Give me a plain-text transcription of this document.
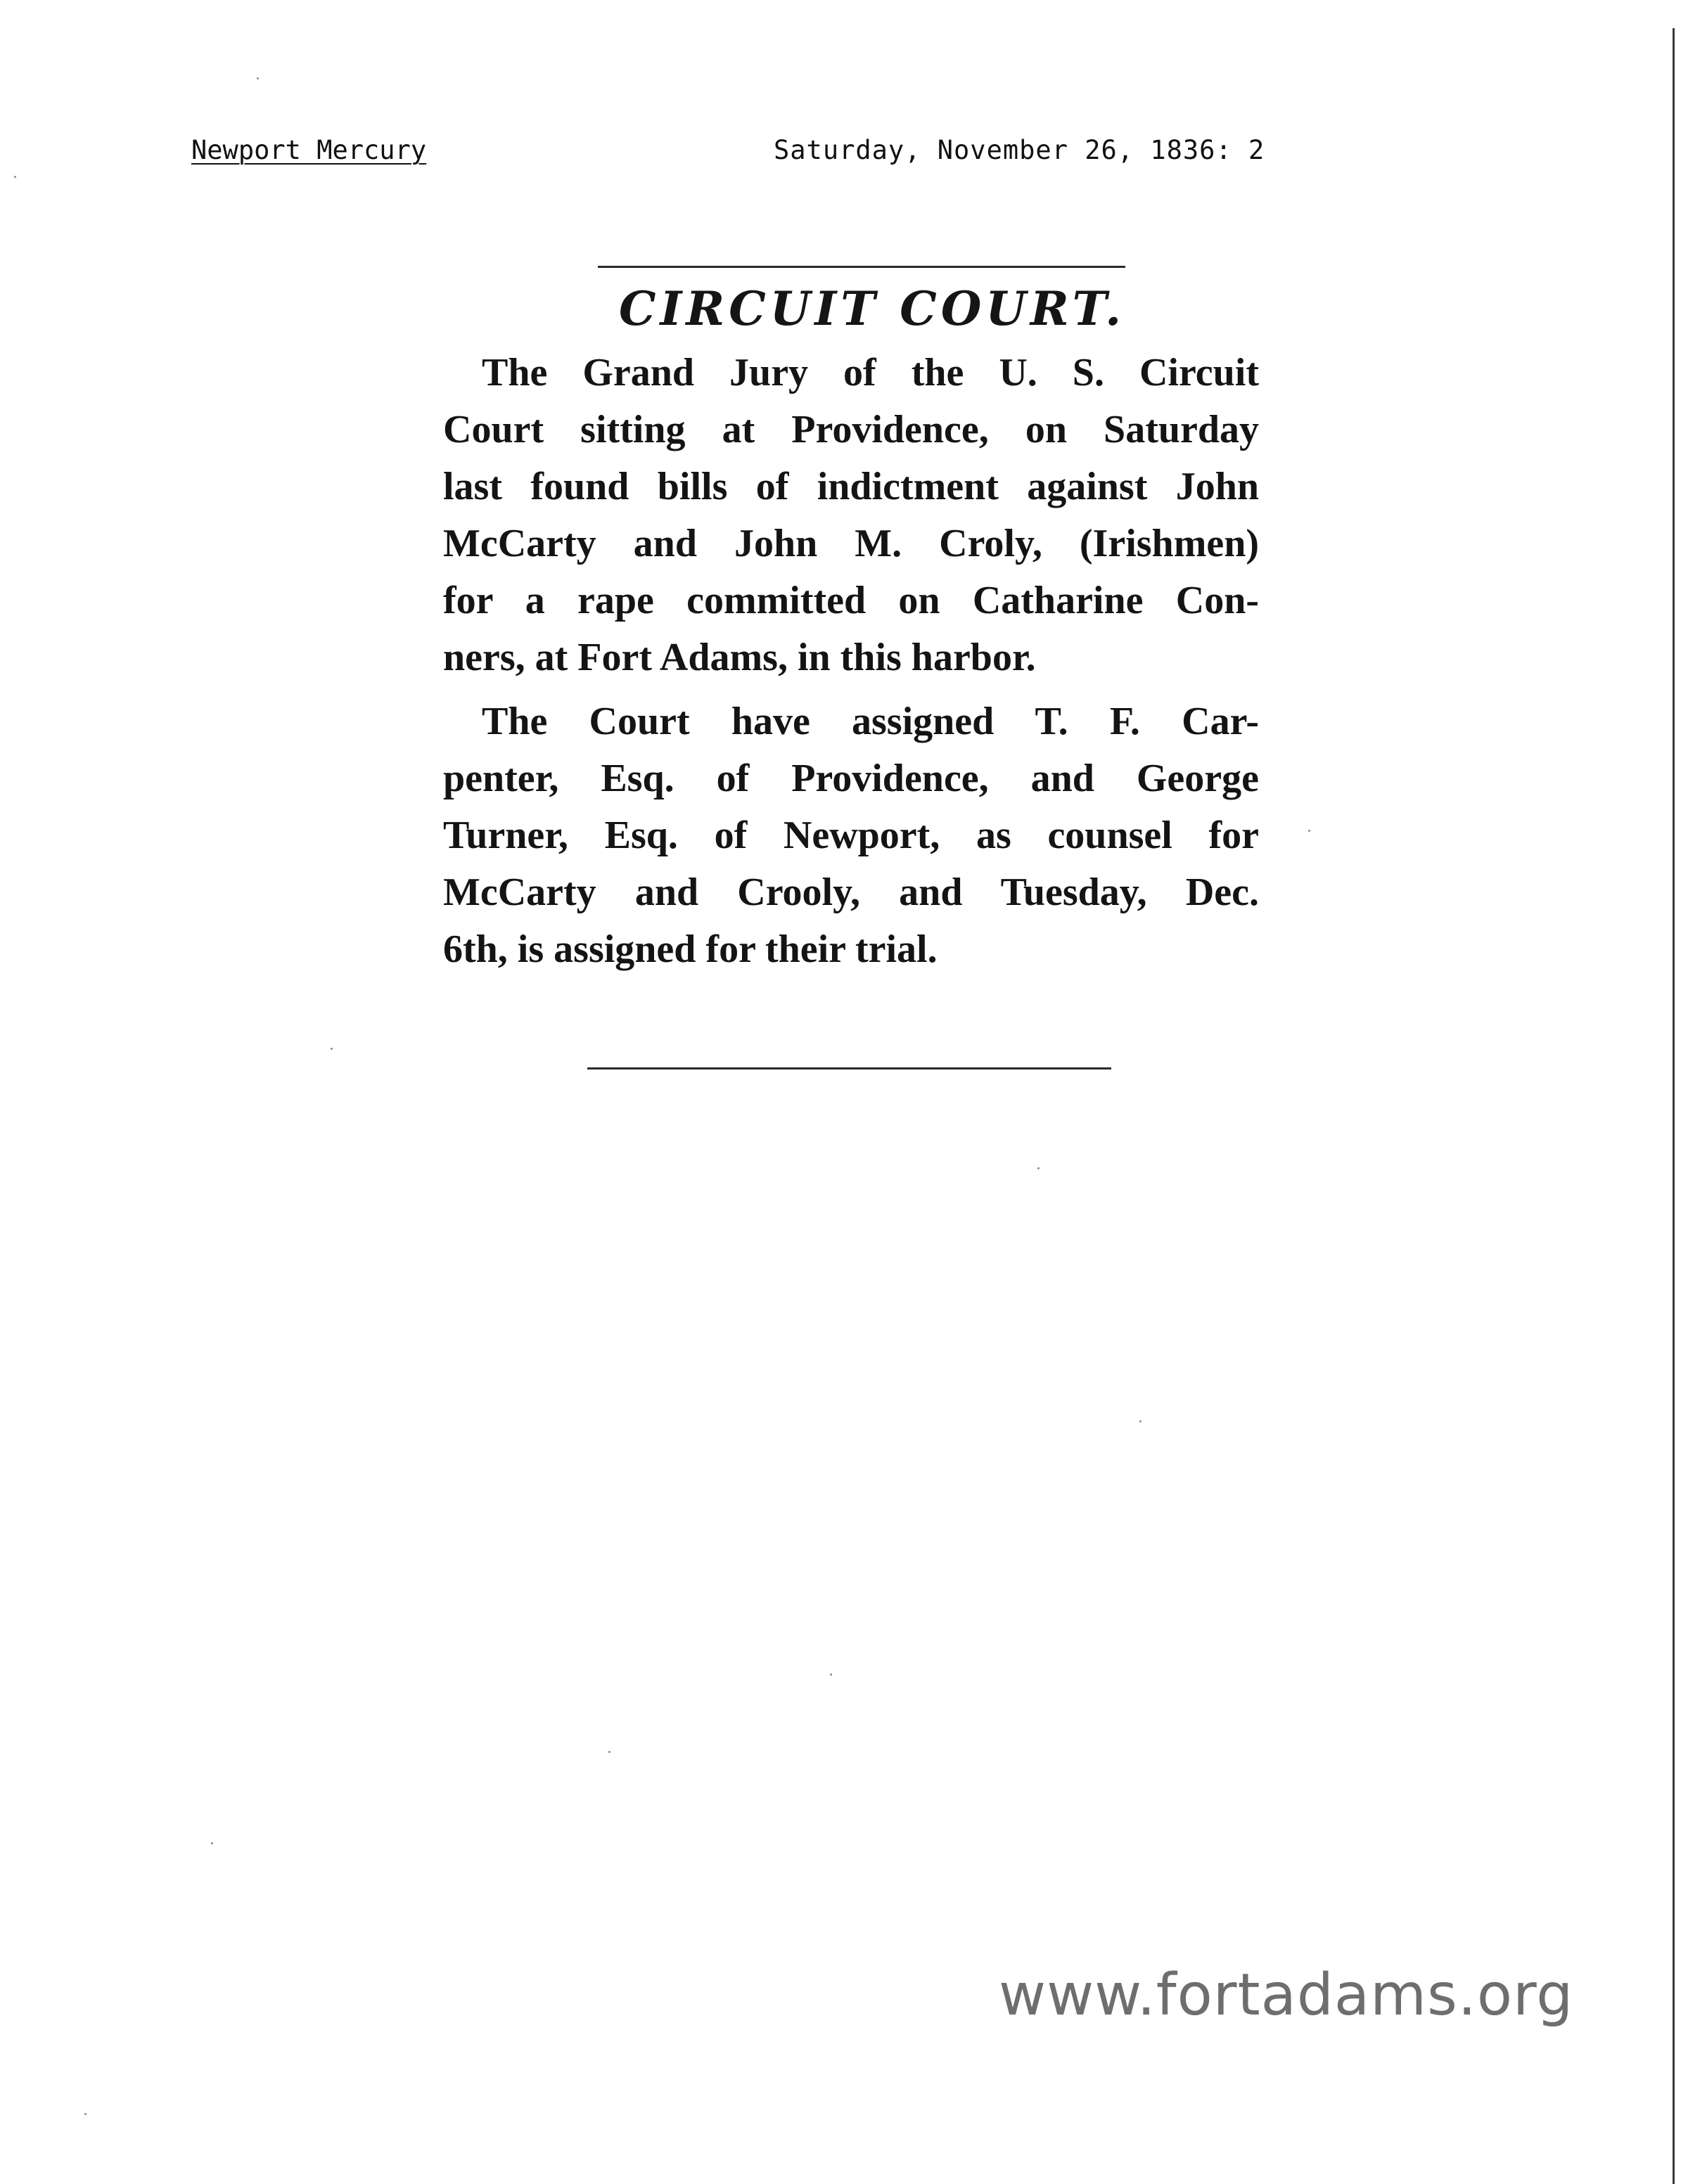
Newport Mercury	Saturday, November 26, 1836: 2
CIRCUIT COURT.
The Grand Jury of the U. S. Circuit
Court sitting at Providence, on Saturday
last found bills of indictment against John
McCarty and John M. Croly, (Irishmen)
for a rape committed on Catharine Con-
ners, at Fort Adams, in this harbor.
The Court have assigned T. F. Car-
penter, Esq. of Providence, and George
Turner, Esq. of Newport, as counsel for
McCarty and Crooly, and Tuesday, Dec.
6th, is assigned for their trial.
www.fortadams.org
